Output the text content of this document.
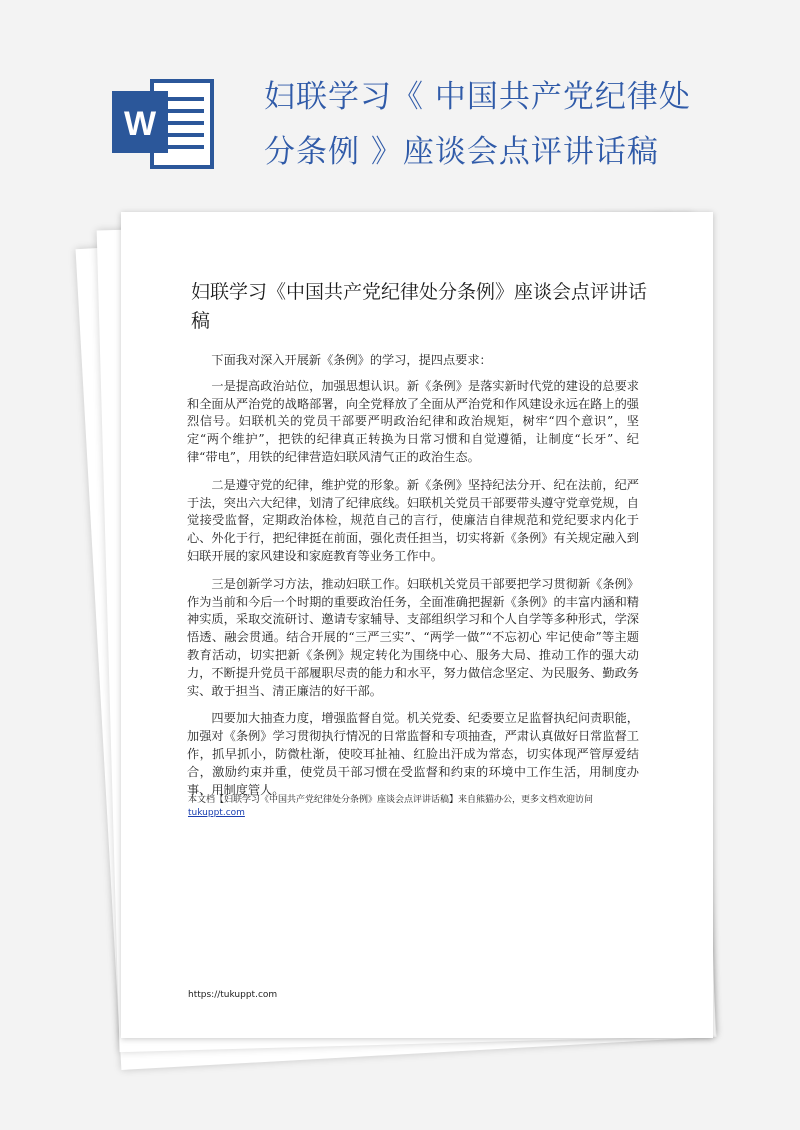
W
妇联学习《 中国共产党纪律处
分条例 》座谈会点评讲话稿
妇联学习《中国共产党纪律处分条例》座谈会点评讲话稿

下面我对深入开展新《条例》的学习，提四点要求：

一是提高政治站位，加强思想认识。新《条例》是落实新时代党的建设的总要求和全面从严治党的战略部署，向全党释放了全面从严治党和作风建设永远在路上的强烈信号。妇联机关的党员干部要严明政治纪律和政治规矩，树牢“四个意识”，坚定“两个维护”，把铁的纪律真正转换为日常习惯和自觉遵循，让制度“长牙”、纪律“带电”，用铁的纪律营造妇联风清气正的政治生态。

二是遵守党的纪律，维护党的形象。新《条例》坚持纪法分开、纪在法前，纪严于法，突出六大纪律，划清了纪律底线。妇联机关党员干部要带头遵守党章党规，自觉接受监督，定期政治体检，规范自己的言行，使廉洁自律规范和党纪要求内化于心、外化于行，把纪律挺在前面，强化责任担当，切实将新《条例》有关规定融入到妇联开展的家风建设和家庭教育等业务工作中。

三是创新学习方法，推动妇联工作。妇联机关党员干部要把学习贯彻新《条例》作为当前和今后一个时期的重要政治任务，全面准确把握新《条例》的丰富内涵和精神实质，采取交流研讨、邀请专家辅导、支部组织学习和个人自学等多种形式，学深悟透、融会贯通。结合开展的“三严三实”、“两学一做”“不忘初心 牢记使命”等主题教育活动，切实把新《条例》规定转化为围绕中心、服务大局、推动工作的强大动力，不断提升党员干部履职尽责的能力和水平，努力做信念坚定、为民服务、勤政务实、敢于担当、清正廉洁的好干部。

四要加大抽查力度，增强监督自觉。机关党委、纪委要立足监督执纪问责职能，加强对《条例》学习贯彻执行情况的日常监督和专项抽查，严肃认真做好日常监督工作，抓早抓小，防微杜渐，使咬耳扯袖、红脸出汗成为常态，切实体现严管厚爱结合，激励约束并重，使党员干部习惯在受监督和约束的环境中工作生活，用制度办事、用制度管人。

本文档【妇联学习《中国共产党纪律处分条例》座谈会点评讲话稿】来自熊猫办公，更多文档欢迎访问
tukuppt.com
https://tukuppt.com
